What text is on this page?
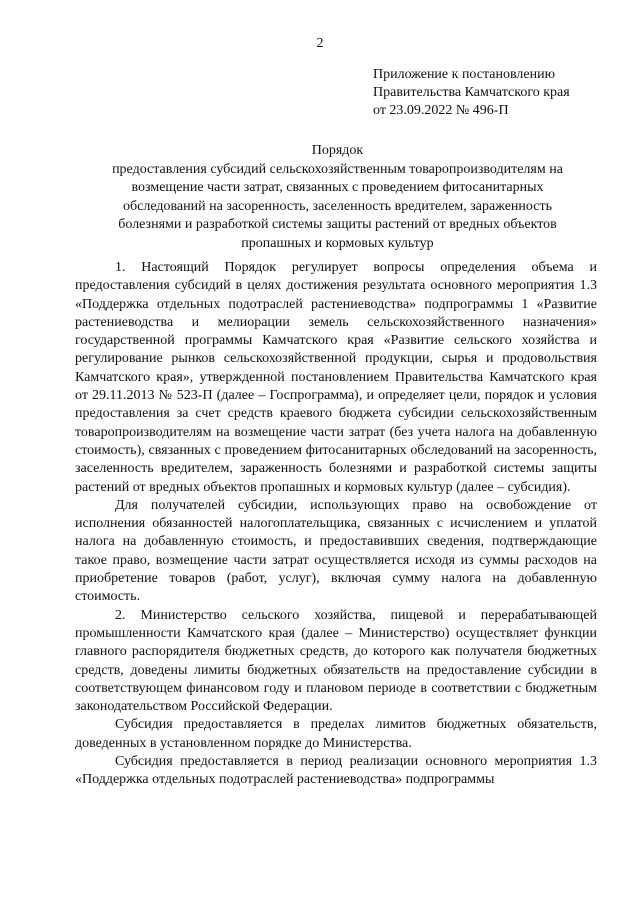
2
Приложение к постановлению
Правительства Камчатского края
от 23.09.2022 № 496-П
Порядок
предоставления субсидий сельскохозяйственным товаропроизводителям на
возмещение части затрат, связанных с проведением фитосанитарных
обследований на засоренность, заселенность вредителем, зараженность
болезнями и разработкой системы защиты растений от вредных объектов
пропашных и кормовых культур

1. Настоящий Порядок регулирует вопросы определения объема и предоставления субсидий в целях достижения результата основного мероприятия 1.3 «Поддержка отдельных подотраслей растениеводства» подпрограммы 1 «Развитие растениеводства и мелиорации земель сельскохозяйственного назначения» государственной программы Камчатского края «Развитие сельского хозяйства и регулирование рынков сельскохозяйственной продукции, сырья и продовольствия Камчатского края», утвержденной постановлением Правительства Камчатского края от 29.11.2013 № 523-П (далее – Госпрограмма), и определяет цели, порядок и условия предоставления за счет средств краевого бюджета субсидии сельскохозяйственным товаропроизводителям на возмещение части затрат (без учета налога на добавленную стоимость), связанных с проведением фитосанитарных обследований на засоренность, заселенность вредителем, зараженность болезнями и разработкой системы защиты растений от вредных объектов пропашных и кормовых культур (далее – субсидия).

Для получателей субсидии, использующих право на освобождение от исполнения обязанностей налогоплательщика, связанных с исчислением и уплатой налога на добавленную стоимость, и предоставивших сведения, подтверждающие такое право, возмещение части затрат осуществляется исходя из суммы расходов на приобретение товаров (работ, услуг), включая сумму налога на добавленную стоимость.

2. Министерство сельского хозяйства, пищевой и перерабатывающей промышленности Камчатского края (далее – Министерство) осуществляет функции главного распорядителя бюджетных средств, до которого как получателя бюджетных средств, доведены лимиты бюджетных обязательств на предоставление субсидии в соответствующем финансовом году и плановом периоде в соответствии с бюджетным законодательством Российской Федерации.

Субсидия предоставляется в пределах лимитов бюджетных обязательств, доведенных в установленном порядке до Министерства.

Субсидия предоставляется в период реализации основного мероприятия 1.3 «Поддержка отдельных подотраслей растениеводства» подпрограммы
